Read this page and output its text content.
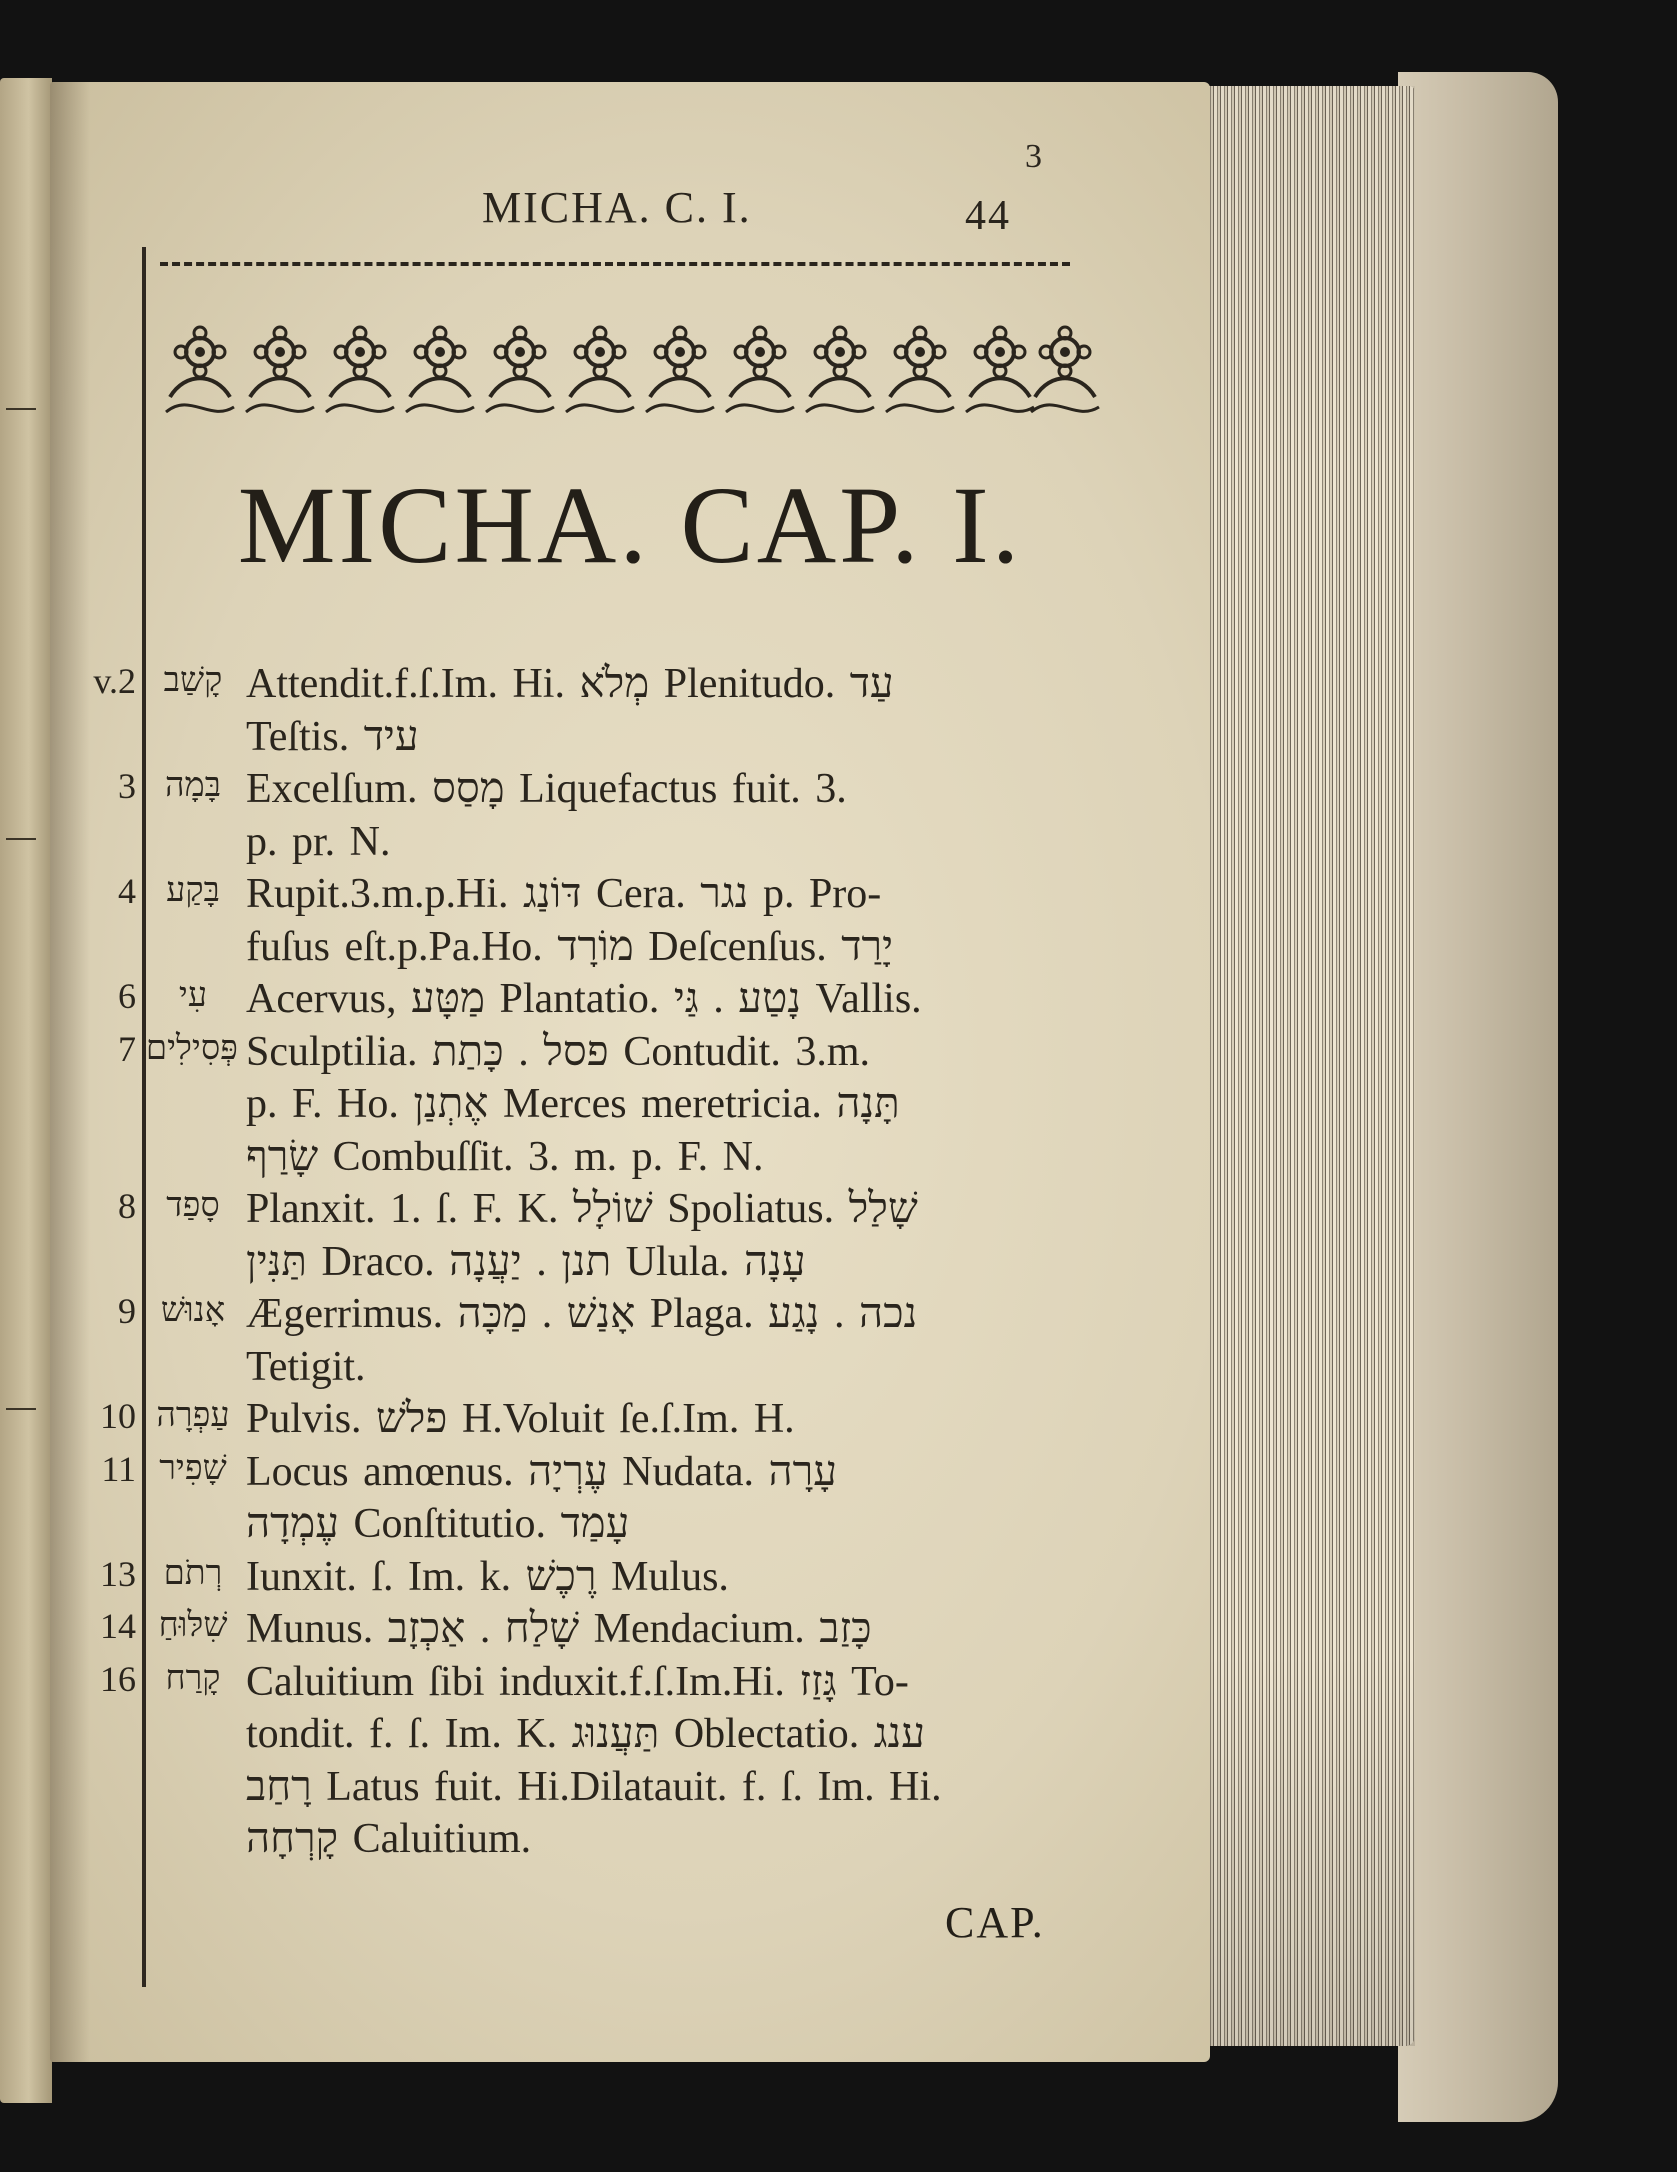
MICHA. C. I.
3
44
MICHA. CAP. I.
v.2 קָשַׁב Attendit.f.ſ.Im. Hi. מְלֹא Plenitudo. עַד
Teſtis. עיד
3 בָּמָה Excelſum. מָסַס Liquefactus fuit. 3.
p. pr. N.
4 בָּקַע Rupit.3.m.p.Hi. דּוֹנַג Cera. נגר p. Pro-
fuſus eſt.p.Pa.Ho. מוֹרָד Deſcenſus. יָרַד
6	עִי Acervus, מַטָּע Plantatio. נָטַע . גַּי Vallis.
7 פְּסִילִים Sculptilia. פסל . כָּתַת Contudit. 3.m.
p. F. Ho. אֶתְנַן Merces meretricia. תָּנָה
שָׂרַף Combuſſit. 3. m. p. F. N.
8 סָפַד Planxit. 1. ſ. F. K. שׁוֹלָל Spoliatus. שָׁלַל
תַּנִּין Draco. תנן . יַעֲנָה Ulula. עָנָה
9 אָנוּשׁ Ægerrimus. אָנַשׁ . מַכָּה Plaga. נכה . נָגַע
Tetigit.
10 עַפְרָה Pulvis. פלשׁ H.Voluit ſe.ſ.Im. H.
11 שָׁפִיר Locus amœnus. עֶרְיָה Nudata. עָרָה
עֶמְדָה Conſtitutio. עָמַד
13 רְתֹם Iunxit. ſ. Im. k. רֶכֶשׁ Mulus.
14 שִׁלּוּחַ Munus. שָׁלַח . אַכְזָב Mendacium. כָּזַב
16 קָרַח Caluitium ſibi induxit.f.ſ.Im.Hi. גָּזַז To-
tondit. f. ſ. Im. K. תַּעֲנוּג Oblectatio. ענג
רָחַב Latus fuit. Hi.Dilatauit. f. ſ. Im. Hi.
קָרְחָה Caluitium.
CAP.
